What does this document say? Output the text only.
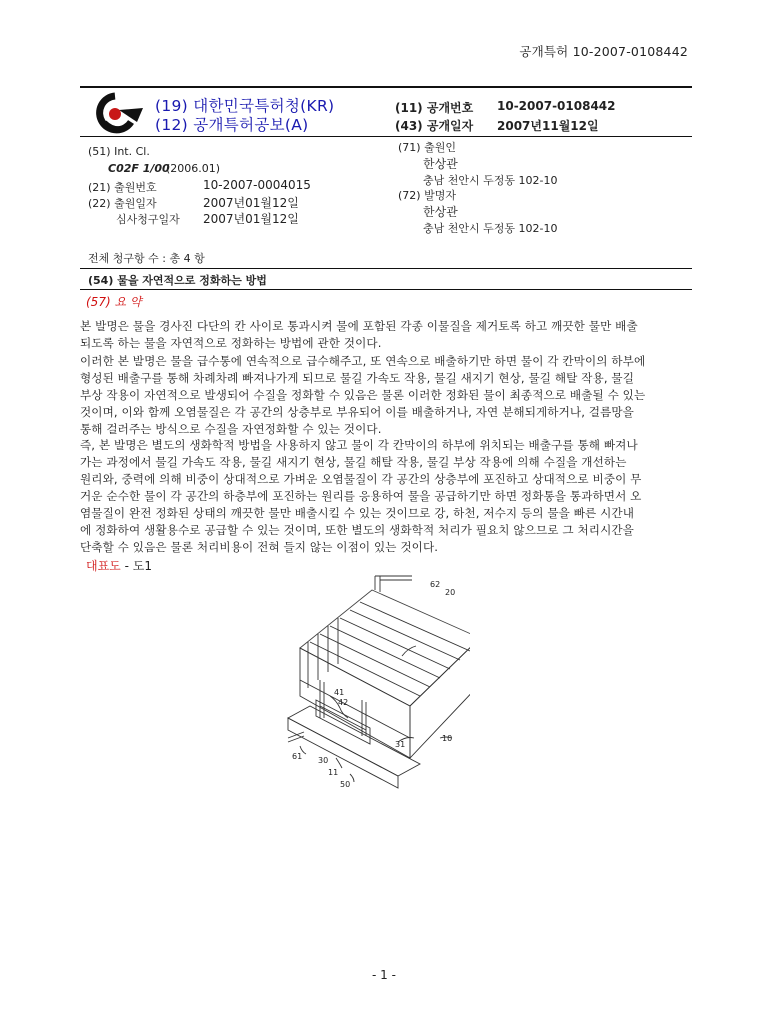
공개특허 10-2007-0108442
(19) 대한민국특허청(KR)
(12) 공개특허공보(A)
(11) 공개번호 10-2007-0108442
(43) 공개일자 2007년11월12일
(51) Int. Cl.
C02F 1/00
(2006.01)
(21) 출원번호	10-2007-0004015
(22) 출원일자	2007년01월12일
심사청구일자 2007년01월12일
(71) 출원인
한상관
충남 천안시 두정동 102-10
(72) 발명자
한상관
충남 천안시 두정동 102-10
전체 청구항 수 : 총 4 항
(54) 물을 자연적으로 정화하는 방법
(57) 요 약
본 발명은 물을 경사진 다단의 칸 사이로 통과시켜 물에 포함된 각종 이물질을 제거토록 하고 깨끗한 물만 배출
되도록 하는 물을 자연적으로 정화하는 방법에 관한 것이다.
이러한 본 발명은 물을 급수통에 연속적으로 급수해주고, 또 연속으로 배출하기만 하면 물이 각 칸막이의 하부에
형성된 배출구를 통해 차례차례 빠져나가게 되므로 물길 가속도 작용, 물길 새지기 현상, 물길 해탈 작용, 물길
부상 작용이 자연적으로 발생되어 수질을 정화할 수 있음은 물론 이러한 정화된 물이 최종적으로 배출될 수 있는
것이며, 이와 함께 오염물질은 각 공간의 상층부로 부유되어 이를 배출하거나, 자연 분해되게하거나, 걸름망을
통해 걸러주는 방식으로 수질을 자연정화할 수 있는 것이다.
즉, 본 발명은 별도의 생화학적 방법을 사용하지 않고 물이 각 칸막이의 하부에 위치되는 배출구를 통해 빠져나
가는 과정에서 물길 가속도 작용, 물길 새지기 현상, 물길 해탈 작용, 물길 부상 작용에 의해 수질을 개선하는
원리와, 중력에 의해 비중이 상대적으로 가벼운 오염물질이 각 공간의 상층부에 포진하고 상대적으로 비중이 무
거운 순수한 물이 각 공간의 하층부에 포진하는 원리를 응용하여 물을 공급하기만 하면 정화통을 통과하면서 오
염물질이 완전 정화된 상태의 깨끗한 물만 배출시킬 수 있는 것이므로 강, 하천, 저수지 등의 물을 빠른 시간내
에 정화하여 생활용수로 공급할 수 있는 것이며, 또한 별도의 생화학적 처리가 필요치 않으므로 그 처리시간을
단축할 수 있음은 물론 처리비용이 전혀 들지 않는 이점이 있는 것이다.
대표도 - 도1
62
20
41
42
10
31
61 30
11
50
- 1 -
